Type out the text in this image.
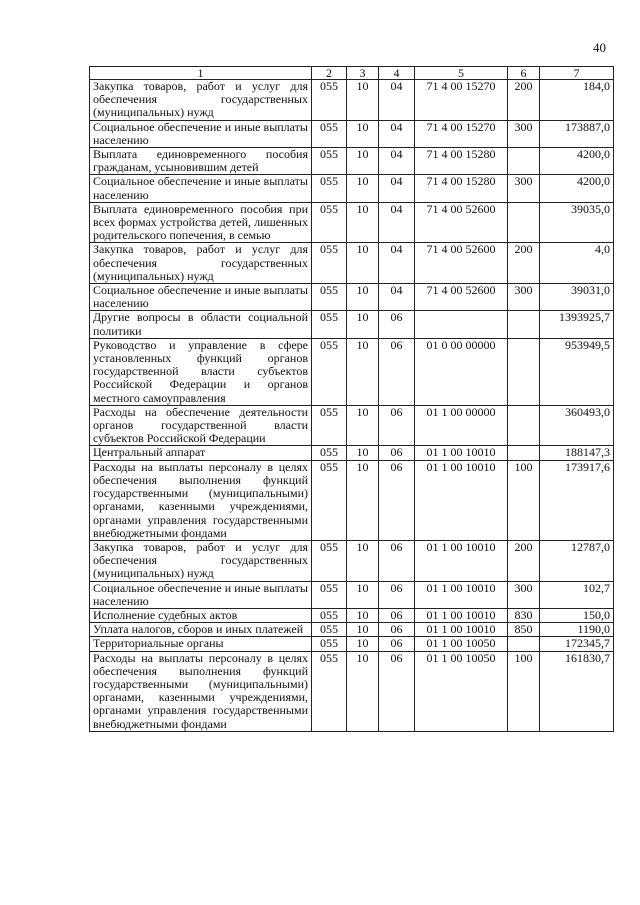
40
1	2	3	4	5	6	7
Закупка товаров, работ и услуг для обеспечения государственных (муниципальных) нужд	055	10	04	71 4 00 15270	200	184,0
Социальное обеспечение и иные выплаты населению	055	10	04	71 4 00 15270	300	173887,0
Выплата единовременного пособия гражданам, усыновившим детей	055	10	04	71 4 00 15280		4200,0
Социальное обеспечение и иные выплаты населению	055	10	04	71 4 00 15280	300	4200,0
Выплата единовременного пособия при всех формах устройства детей, лишенных родительского попечения, в семью	055	10	04	71 4 00 52600		39035,0
Закупка товаров, работ и услуг для обеспечения государственных (муниципальных) нужд	055	10	04	71 4 00 52600	200	4,0
Социальное обеспечение и иные выплаты населению	055	10	04	71 4 00 52600	300	39031,0
Другие вопросы в области социальной политики	055	10	06			1393925,7
Руководство и управление в сфере установленных функций органов государственной власти субъектов Российской Федерации и органов местного самоуправления	055	10	06	01 0 00 00000		953949,5
Расходы на обеспечение деятельности органов государственной власти субъектов Российской Федерации	055	10	06	01 1 00 00000		360493,0
Центральный аппарат	055	10	06	01 1 00 10010		188147,3
Расходы на выплаты персоналу в целях обеспечения выполнения функций государственными (муниципальными) органами, казенными учреждениями, органами управления государственными внебюджетными фондами	055	10	06	01 1 00 10010	100	173917,6
Закупка товаров, работ и услуг для обеспечения государственных (муниципальных) нужд	055	10	06	01 1 00 10010	200	12787,0
Социальное обеспечение и иные выплаты населению	055	10	06	01 1 00 10010	300	102,7
Исполнение судебных актов	055	10	06	01 1 00 10010	830	150,0
Уплата налогов, сборов и иных платежей	055	10	06	01 1 00 10010	850	1190,0
Территориальные органы	055	10	06	01 1 00 10050		172345,7
Расходы на выплаты персоналу в целях обеспечения выполнения функций государственными (муниципальными) органами, казенными учреждениями, органами управления государственными внебюджетными фондами	055	10	06	01 1 00 10050	100	161830,7
